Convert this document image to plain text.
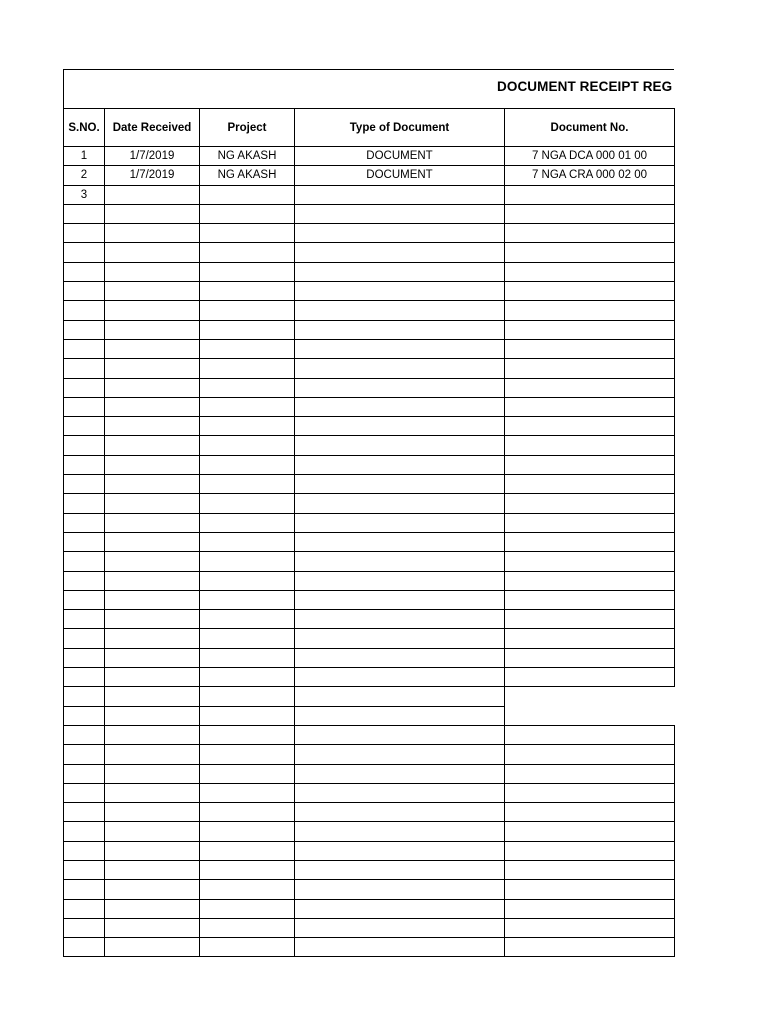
DOCUMENT RECEIPT REG
S.NO.	Date Received	Project	Type of Document	Document No.
1	1/7/2019	NG AKASH	DOCUMENT	7 NGA DCA 000 01 00
2	1/7/2019	NG AKASH	DOCUMENT	7 NGA CRA 000 02 00
3				
